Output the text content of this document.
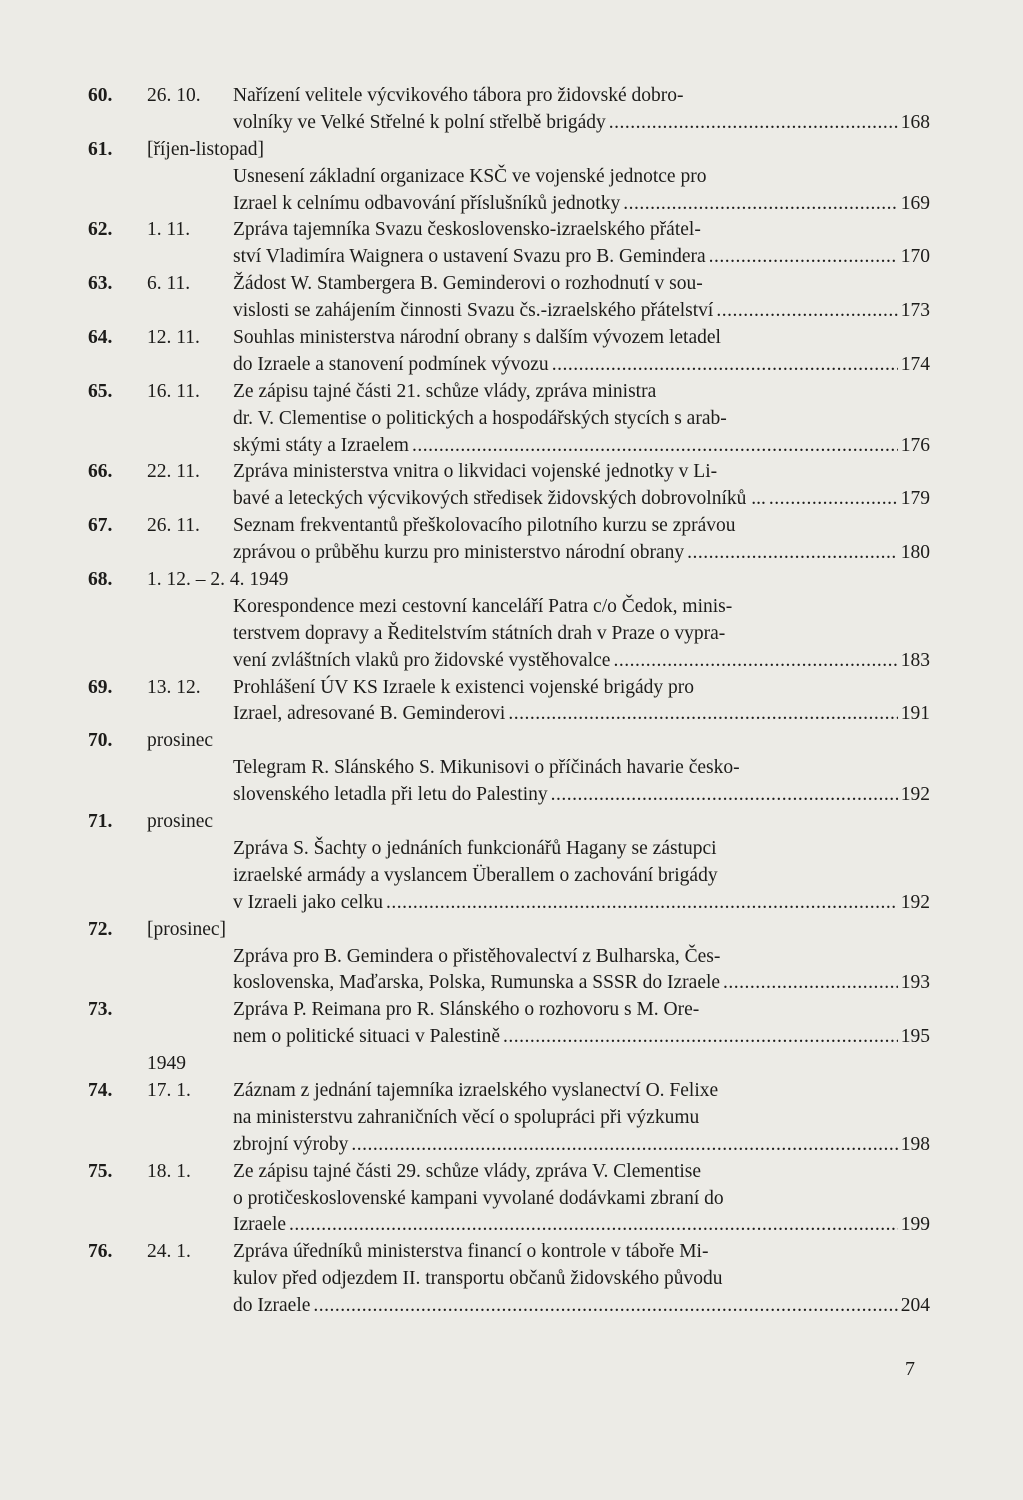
60. 26. 10. Nařízení velitele výcvikového tábora pro židovské dobro-
volníky ve Velké Střelné k polní střelbě brigády .....	168
61. [říjen-listopad]
Usnesení základní organizace KSČ ve vojenské jednotce pro
Izrael k celnímu odbavování příslušníků jednotky .....	169
62. 1. 11. Zpráva tajemníka Svazu československo-izraelského přátel-
ství Vladimíra Waignera o ustavení Svazu pro B. Gemindera .....	170
63. 6. 11. Žádost W. Stambergera B. Geminderovi o rozhodnutí v sou-
vislosti se zahájením činnosti Svazu čs.-izraelského přátelství .....	173
64. 12. 11. Souhlas ministerstva národní obrany s dalším vývozem letadel
do Izraele a stanovení podmínek vývozu .....	174
65. 16. 11. Ze zápisu tajné části 21. schůze vlády, zpráva ministra
dr. V. Clementise o politických a hospodářských stycích s arab-
skými státy a Izraelem .....	176
66. 22. 11. Zpráva ministerstva vnitra o likvidaci vojenské jednotky v Li-
bavé a leteckých výcvikových středisek židovských dobrovolníků ... .....	179
67. 26. 11. Seznam frekventantů přeškolovacího pilotního kurzu se zprávou
zprávou o průběhu kurzu pro ministerstvo národní obrany .....	180
68. 1. 12. – 2. 4. 1949
Korespondence mezi cestovní kanceláří Patra c/o Čedok, minis-
terstvem dopravy a Ředitelstvím státních drah v Praze o vypra-
vení zvláštních vlaků pro židovské vystěhovalce .....	183
69. 13. 12. Prohlášení ÚV KS Izraele k existenci vojenské brigády pro
Izrael, adresované B. Geminderovi .....	191
70. prosinec
Telegram R. Slánského S. Mikunisovi o příčinách havarie česko-
slovenského letadla při letu do Palestiny .....	192
71. prosinec
Zpráva S. Šachty o jednáních funkcionářů Hagany se zástupci
izraelské armády a vyslancem Überallem o zachování brigády
v Izraeli jako celku .....	192
72. [prosinec]
Zpráva pro B. Gemindera o přistěhovalectví z Bulharska, Čes-
koslovenska, Maďarska, Polska, Rumunska a SSSR do Izraele .....	193
73.	Zpráva P. Reimana pro R. Slánského o rozhovoru s M. Ore-
nem o politické situaci v Palestině .....	195
1949
74. 17. 1. Záznam z jednání tajemníka izraelského vyslanectví O. Felixe
na ministerstvu zahraničních věcí o spolupráci při výzkumu
zbrojní výroby .....	198
75. 18. 1. Ze zápisu tajné části 29. schůze vlády, zpráva V. Clementise
o protičeskoslovenské kampani vyvolané dodávkami zbraní do
Izraele .....	199
76. 24. 1. Zpráva úředníků ministerstva financí o kontrole v táboře Mi-
kulov před odjezdem II. transportu občanů židovského původu
do Izraele .....	204
7
